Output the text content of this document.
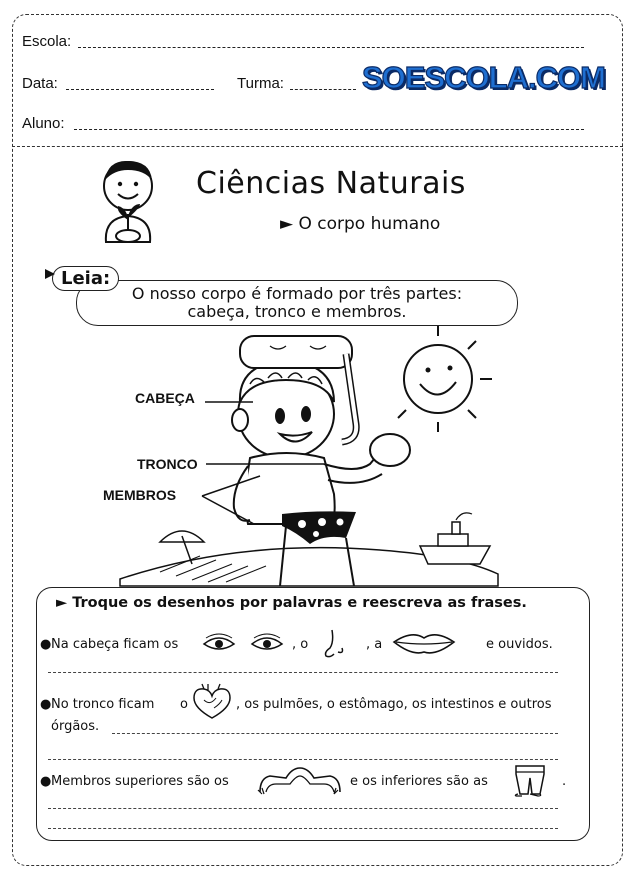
Escola:
Data:	Turma:	SOESCOLA.COM
Aluno:
Ciências Naturais
► O corpo humano
O nosso corpo é formado por três partes:
cabeça, tronco e membros.
Leia:
CABEÇA
TRONCO
MEMBROS
► Troque os desenhos por palavras e reescreva as frases.
● Na cabeça ficam os	, o	, a	e ouvidos.
● No tronco ficam o	, os pulmões, o estômago, os intestinos e outros
órgãos.
● Membros superiores são os	e os inferiores são as	.
